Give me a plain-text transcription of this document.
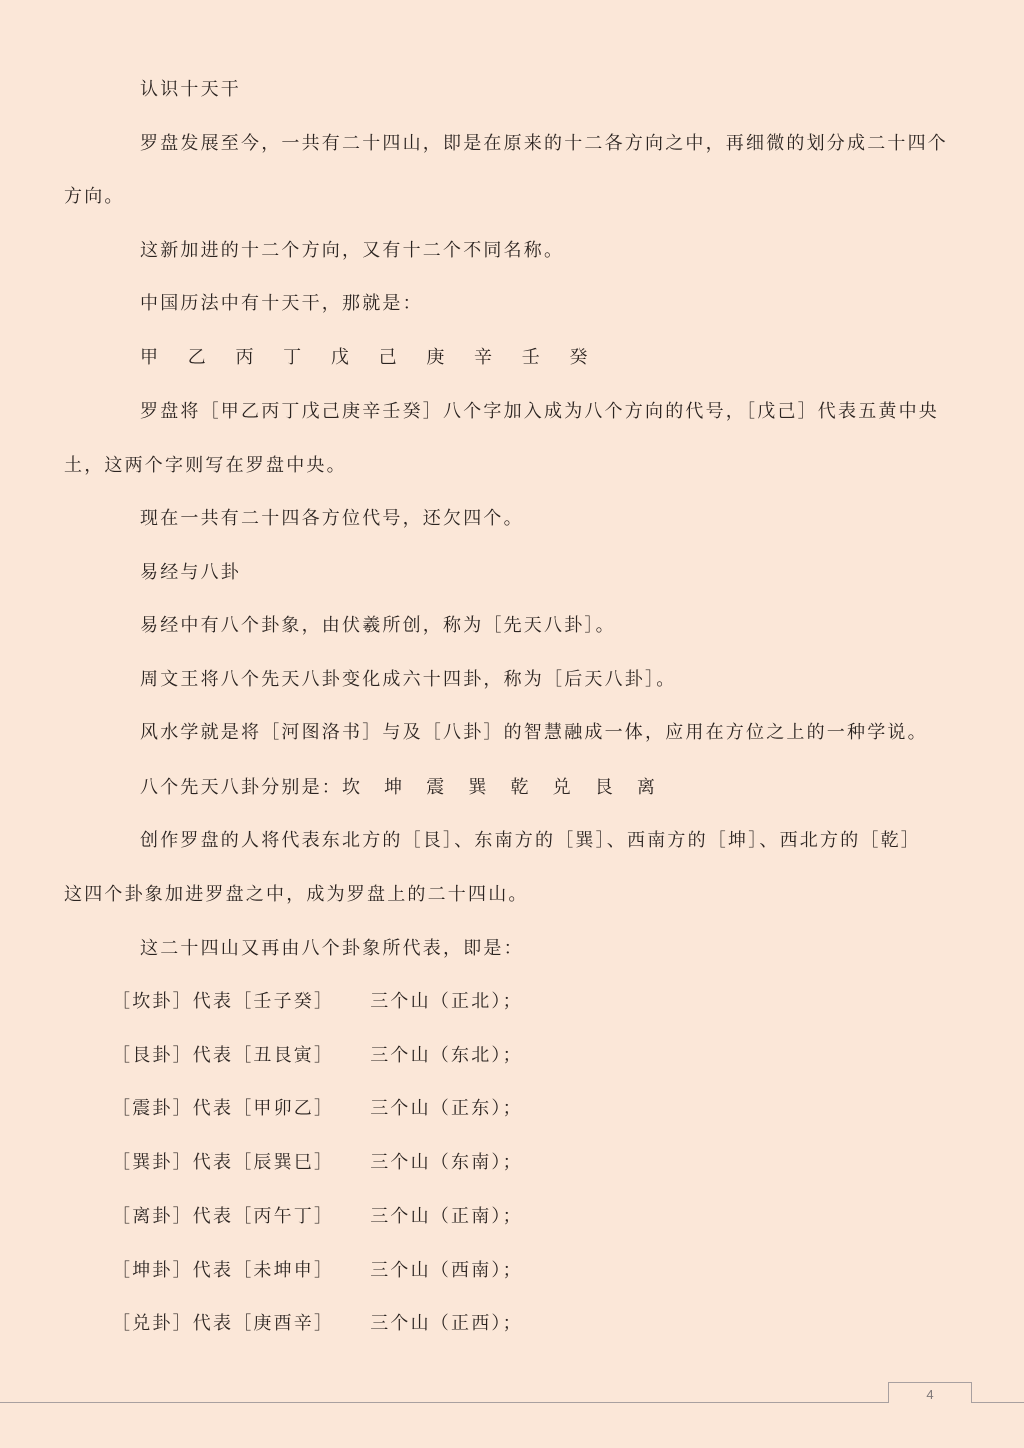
认识十天干
罗盘发展至今，一共有二十四山，即是在原来的十二各方向之中，再细微的划分成二十四个
方向。
这新加进的十二个方向，又有十二个不同名称。
中国历法中有十天干，那就是：
甲 乙 丙 丁 戊 己 庚 辛 壬 癸
罗盘将［甲乙丙丁戊己庚辛壬癸］八个字加入成为八个方向的代号，［戊己］代表五黄中央
土，这两个字则写在罗盘中央。
现在一共有二十四各方位代号，还欠四个。
易经与八卦
易经中有八个卦象，由伏羲所创，称为［先天八卦］。
周文王将八个先天八卦变化成六十四卦，称为［后天八卦］。
风水学就是将［河图洛书］与及［八卦］的智慧融成一体，应用在方位之上的一种学说。
八个先天八卦分别是：坎 坤 震 巽 乾 兑 艮 离
创作罗盘的人将代表东北方的［艮］、东南方的［巽］、西南方的［坤］、西北方的［乾］
这四个卦象加进罗盘之中，成为罗盘上的二十四山。
这二十四山又再由八个卦象所代表，即是：
［坎卦］代表［壬子癸］ 三个山（正北）；
［艮卦］代表［丑艮寅］ 三个山（东北）；
［震卦］代表［甲卯乙］ 三个山（正东）；
［巽卦］代表［辰巽巳］ 三个山（东南）；
［离卦］代表［丙午丁］ 三个山（正南）；
［坤卦］代表［未坤申］ 三个山（西南）；
［兑卦］代表［庚酉辛］ 三个山（正西）；
4
